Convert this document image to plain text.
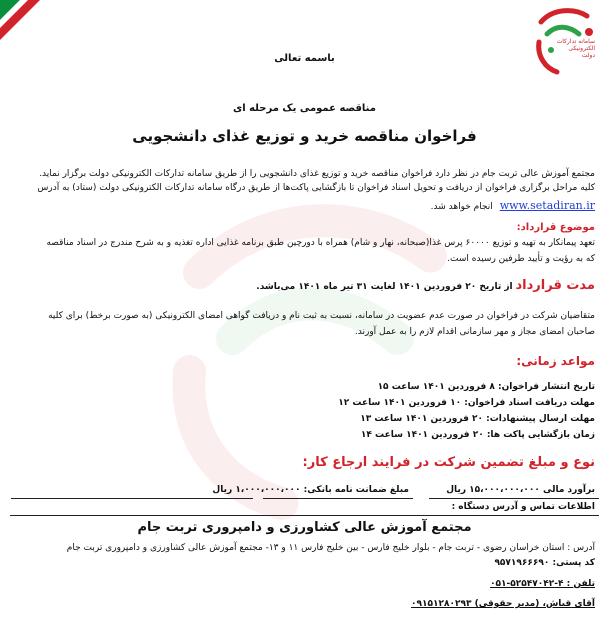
سامانه تدارکات الکترونیکی دولت
باسمه تعالی
مناقصه عمومی یک مرحله ای
فراخوان مناقصه خرید و توزیع غذای دانشجویی
مجتمع آموزش عالی تربت جام در نظر دارد فراخوان مناقصه خرید و توزیع غذای دانشجویی را از طریق سامانه تدارکات الکترونیکی دولت برگزار نماید.
کلیه مراحل برگزاری فراخوان از دریافت و تحویل اسناد فراخوان تا بازگشایی پاکت‌ها از طریق درگاه سامانه تدارکات الکترونیکی دولت (ستاد) به آدرس
www.setadiran.ir انجام خواهد شد.
موضوع قرارداد:
تعهد پیمانکار به تهیه و توزیع ۶۰۰۰۰ پرس غذا(صبحانه، نهار و شام) همراه با دورچین طبق برنامه غذایی اداره تغذیه و به شرح مندرج در اسناد مناقصه
که به رؤیت و تأیید طرفین رسیده است.
مدت قرارداد از تاریخ ۲۰ فروردین ۱۴۰۱ لغایت ۳۱ تیر ماه ۱۴۰۱ می‌باشد.
متقاضیان شرکت در فراخوان در صورت عدم عضویت در سامانه، نسبت به ثبت نام و دریافت گواهی امضای الکترونیکی (به صورت برخط) برای کلیه
صاحبان امضای مجاز و مهر سازمانی اقدام لازم را به عمل آورند.
مواعد زمانی:
تاریخ انتشار فراخوان: ۸ فروردین ۱۴۰۱ ساعت ۱۵
مهلت دریافت اسناد فراخوان: ۱۰ فروردین ۱۴۰۱ ساعت ۱۲
مهلت ارسال پیشنهادات: ۲۰ فروردین ۱۴۰۱ ساعت ۱۳
زمان بازگشایی پاکت ها: ۲۰ فروردین ۱۴۰۱ ساعت ۱۴
نوع و مبلغ تضمین شرکت در فرایند ارجاع کار:
برآورد مالی ۱۵،۰۰۰،۰۰۰،۰۰۰ ریال
مبلغ ضمانت نامه بانکی: ۱،۰۰۰،۰۰۰،۰۰۰ ریال
اطلاعات تماس و آدرس دستگاه :
مجتمع آموزش عالی کشاورزی و دامپروری تربت جام
آدرس : استان خراسان رضوی - تربت جام - بلوار خلیج فارس - بین خلیج فارس ۱۱ و ۱۳- مجتمع آموزش عالی کشاورزی و دامپروری تربت جام
کد پستی: ۹۵۷۱۹۶۶۶۹۰
تلفن : ۴-۵۲۵۴۷۰۴۲-۰۵۱
آقای قیاش، (مدیر حقوقی) ۰۹۱۵۱۲۸۰۲۹۳
